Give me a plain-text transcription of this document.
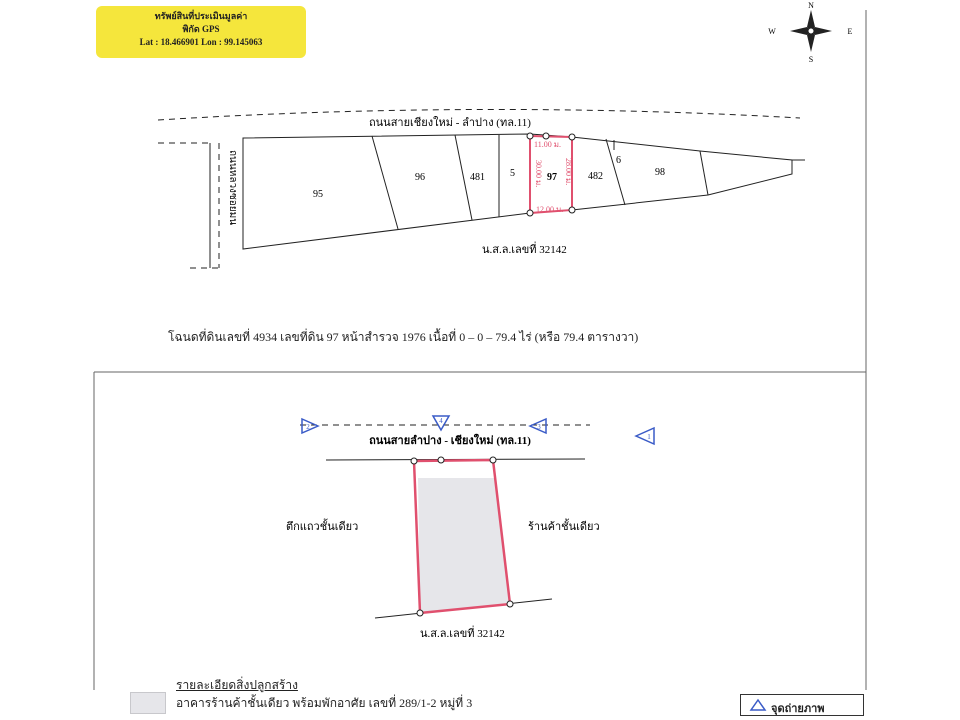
ทรัพย์สินที่ประเมินมูลค่า
พิกัด GPS
Lat : 18.466901 Lon : 99.145063
N
S
E
W
ถนนสายเชียงใหม่ - ลำปาง (ทล.11)
ถนนหลวงซอยมน
11.00 ม.
30.00 ม.	28.00 ม.
12.00 ม.
95
96	481	5	97	482
6
98
น.ส.ล.เลขที่ 32142
ถนนสายลำปาง - เชียงใหม่ (ทล.11)
ตึกแถวชั้นเดียว	ร้านค้าชั้นเดียว
น.ส.ล.เลขที่ 32142
1
2	3
4
โฉนดที่ดินเลขที่ 4934 เลขที่ดิน 97 หน้าสำรวจ 1976 เนื้อที่ 0 – 0 – 79.4 ไร่ (หรือ 79.4 ตารางวา)
รายละเอียดสิ่งปลูกสร้าง
อาคารร้านค้าชั้นเดียว พร้อมพักอาศัย เลขที่ 289/1-2 หมู่ที่ 3	จุดถ่ายภาพ
